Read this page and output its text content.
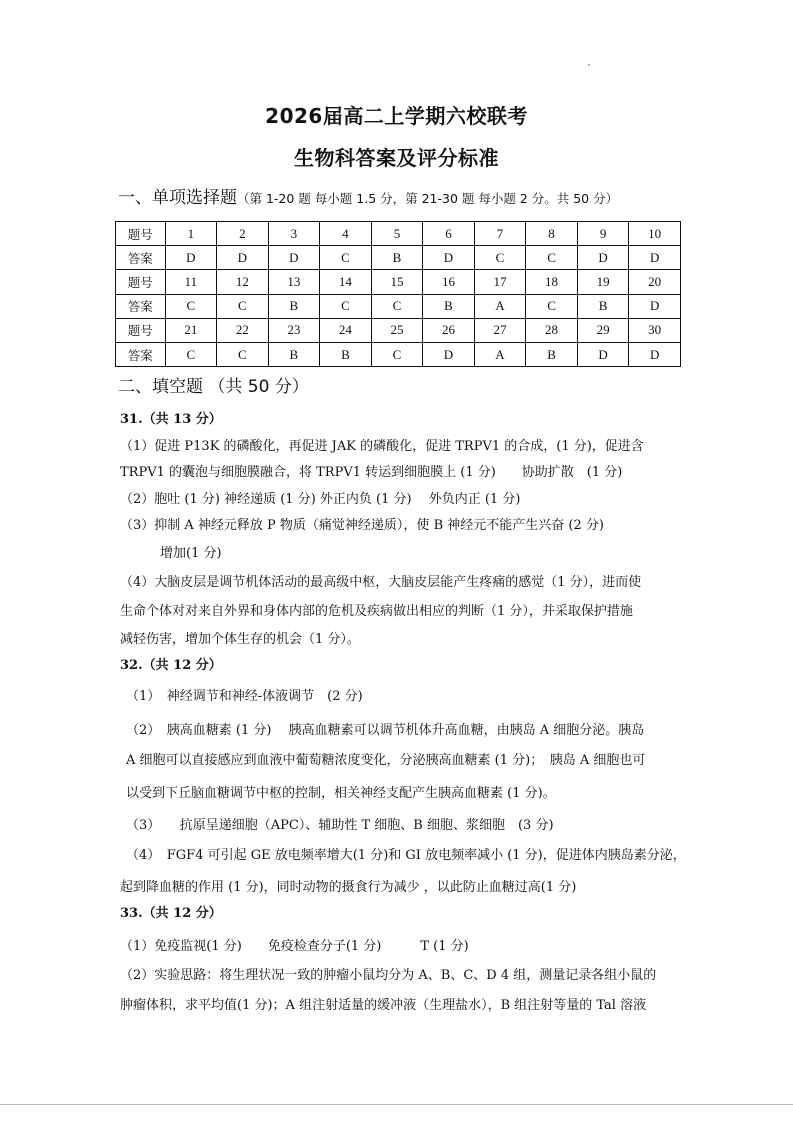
2026届高二上学期六校联考
生物科答案及评分标准
一、单项选择题（第 1-20 题 每小题 1.5 分，第 21-30 题 每小题 2 分。共 50 分）
题号	1	2	3	4	5	6	7	8	9	10
答案	D	D	D	C	B	D	C	C	D	D
题号	11	12	13	14	15	16	17	18	19	20
答案	C	C	B	C	C	B	A	C	B	D
题号	21	22	23	24	25	26	27	28	29	30
答案	C	C	B	B	C	D	A	B	D	D
二、填空题 （共 50 分）
31.（共 13 分）
（1）促进 P13K 的磷酸化，再促进 JAK 的磷酸化，促进 TRPV1 的合成，(1 分)，促进含
TRPV1 的囊泡与细胞膜融合，将 TRPV1 转运到细胞膜上 (1 分)　　协助扩散　(1 分)
（2）胞吐 (1 分) 神经递质 (1 分) 外正内负 (1 分)　 外负内正 (1 分)
（3）抑制 A 神经元释放 P 物质（痛觉神经递质），使 B 神经元不能产生兴奋 (2 分)
增加(1 分)
（4）大脑皮层是调节机体活动的最高级中枢，大脑皮层能产生疼痛的感觉（1 分），进而使
生命个体对对来自外界和身体内部的危机及疾病做出相应的判断（1 分），并采取保护措施
减轻伤害，增加个体生存的机会（1 分）。
32.（共 12 分）
（1）　神经调节和神经-体液调节　(2 分)
（2）　胰高血糖素 (1 分)　 胰高血糖素可以调节机体升高血糖，由胰岛 A 细胞分泌。胰岛
A 细胞可以直接感应到血液中葡萄糖浓度变化，分泌胰高血糖素 (1 分)；　胰岛 A 细胞也可
以受到下丘脑血糖调节中枢的控制，相关神经支配产生胰高血糖素 (1 分)。
（3）　　抗原呈递细胞（APC）、辅助性 T 细胞、B 细胞、浆细胞　(3 分)
（4）　FGF4 可引起 GE 放电频率增大(1 分)和 GI 放电频率减小 (1 分)，促进体内胰岛素分泌，
起到降血糖的作用 (1 分)，同时动物的摄食行为减少 ，以此防止血糖过高(1 分)
33.（共 12 分）
（1）免疫监视(1 分)　　免疫检查分子(1 分)　　　T (1 分)
（2）实验思路：将生理状况一致的肿瘤小鼠均分为 A、B、C、D 4 组，测量记录各组小鼠的
肿瘤体积，求平均值(1 分)；A 组注射适量的缓冲液（生理盐水），B 组注射等量的 Tal 溶液
